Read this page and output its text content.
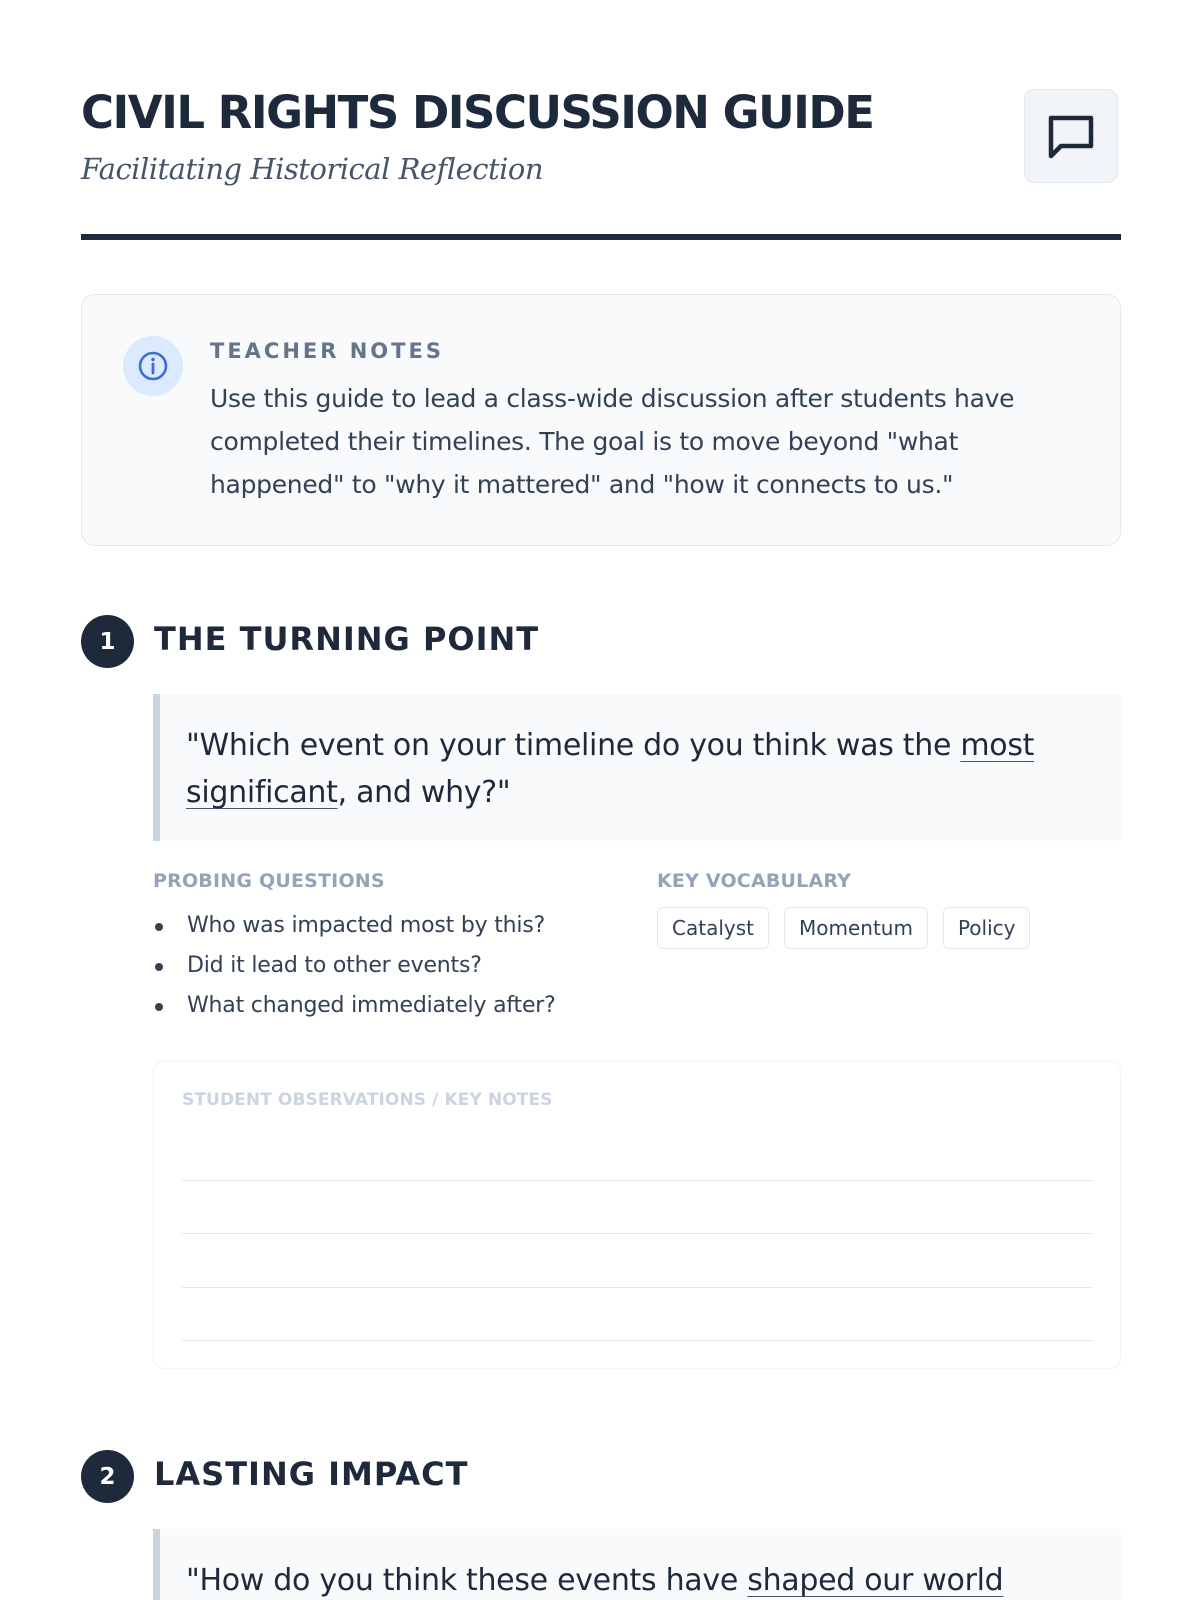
CIVIL RIGHTS DISCUSSION GUIDE

Facilitating Historical Reflection

TEACHER NOTES

Use this guide to lead a class-wide discussion after students have completed their timelines. The goal is to move beyond "what happened" to "why it mattered" and "how it connects to us."

1	THE TURNING POINT

"Which event on your timeline do you think was the most significant, and why?"

PROBING QUESTIONS

Who was impacted most by this?
Did it lead to other events?
What changed immediately after?

KEY VOCABULARY

Catalyst	Momentum	Policy

STUDENT OBSERVATIONS / KEY NOTES

2	LASTING IMPACT

"How do you think these events have shaped our world
